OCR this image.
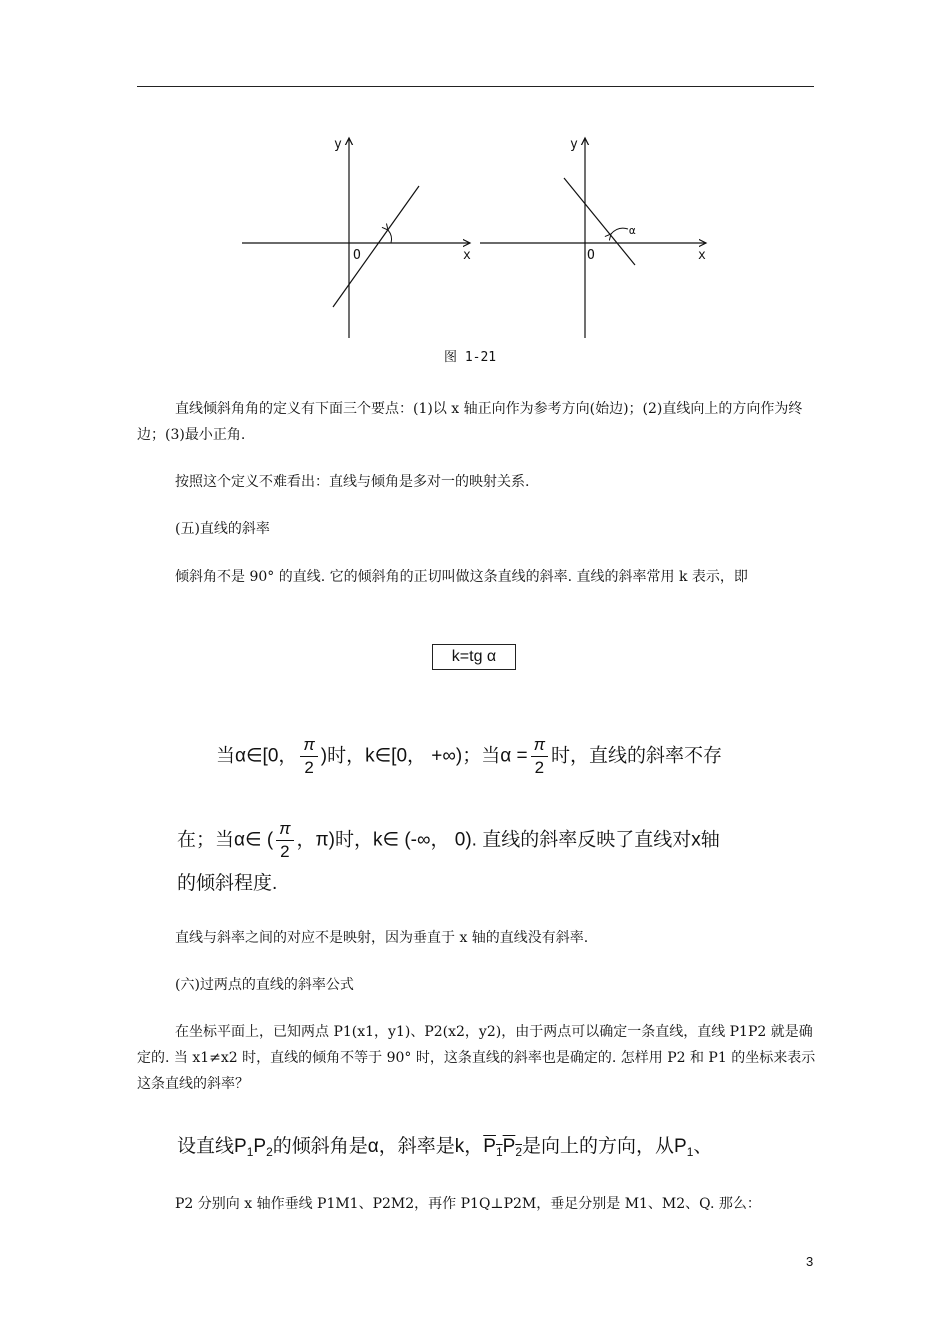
y
x
O
y
x
O
α
图 1-21
直线倾斜角角的定义有下面三个要点：(1)以 x 轴正向作为参考方向(始边)；(2)直线向上的方向作为终边；(3)最小正角.
按照这个定义不难看出：直线与倾角是多对一的映射关系.
(五)直线的斜率
倾斜角不是 90° 的直线. 它的倾斜角的正切叫做这条直线的斜率. 直线的斜率常用 k 表示，即
k=tg α
当α∈[0， $\frac{\pi}{2}$ )时，k∈[0， +∞)；当$\alpha = \frac{\pi}{2}$ 时，直线的斜率不存
在；当α∈ ( $\frac{\pi}{2}$ ，π)时，k∈ (-∞， 0). 直线的斜率反映了直线对x轴
的倾斜程度.
直线与斜率之间的对应不是映射，因为垂直于 x 轴的直线没有斜率.
(六)过两点的直线的斜率公式
在坐标平面上，已知两点 P1(x1，y1)、P2(x2，y2)，由于两点可以确定一条直线，直线 P1P2 就是确定的. 当 x1≠x2 时，直线的倾角不等于 90° 时，这条直线的斜率也是确定的. 怎样用 P2 和 P1 的坐标来表示这条直线的斜率？
设直线$P_1P_2$的倾斜角是α，斜率是k，$P_1P_2$是向上的方向，从$P_1$、
P2 分别向 x 轴作垂线 P1M1、P2M2，再作 P1Q⊥P2M，垂足分别是 M1、M2、Q. 那么：
3
